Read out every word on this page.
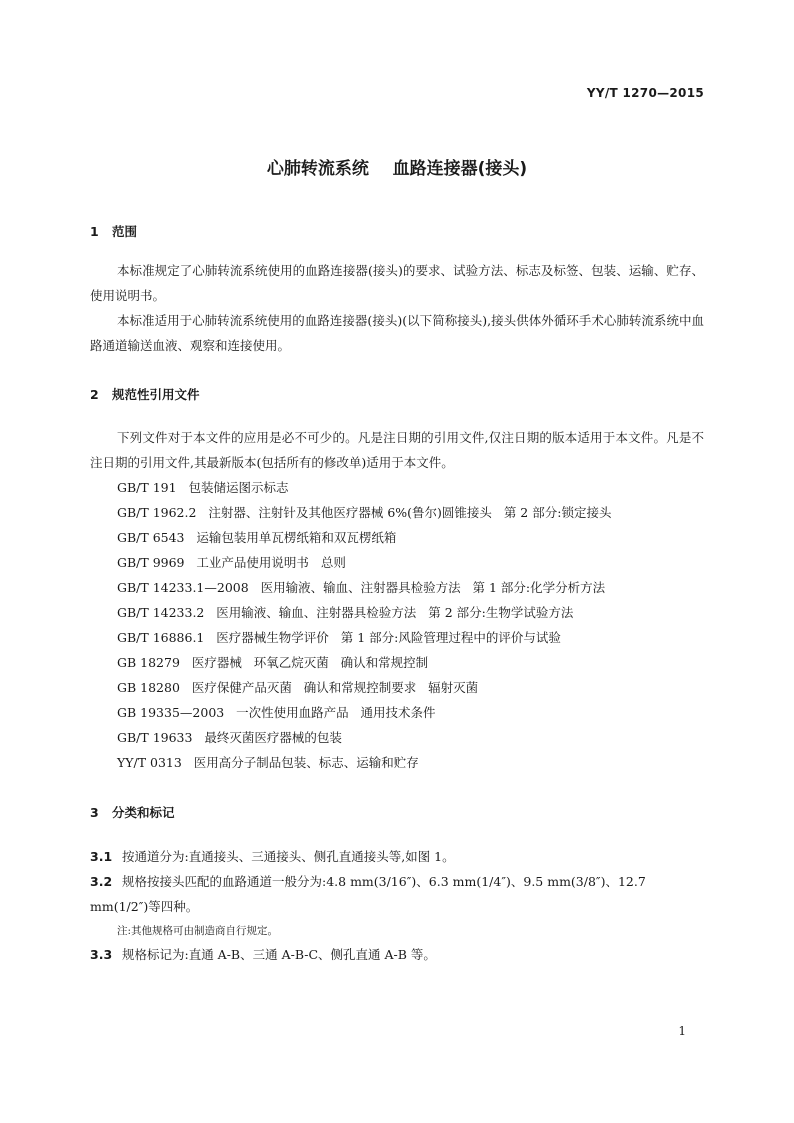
YY/T 1270—2015
心肺转流系统    血路连接器(接头)
1 范围
本标准规定了心肺转流系统使用的血路连接器(接头)的要求、试验方法、标志及标签、包装、运输、贮存、使用说明书。
本标准适用于心肺转流系统使用的血路连接器(接头)(以下简称接头),接头供体外循环手术心肺转流系统中血路通道输送血液、观察和连接使用。
2 规范性引用文件
下列文件对于本文件的应用是必不可少的。凡是注日期的引用文件,仅注日期的版本适用于本文件。凡是不注日期的引用文件,其最新版本(包括所有的修改单)适用于本文件。
GB/T 191   包装储运图示标志
GB/T 1962.2   注射器、注射针及其他医疗器械 6%(鲁尔)圆锥接头   第 2 部分:锁定接头
GB/T 6543   运输包装用单瓦楞纸箱和双瓦楞纸箱
GB/T 9969   工业产品使用说明书   总则
GB/T 14233.1—2008   医用输液、输血、注射器具检验方法   第 1 部分:化学分析方法
GB/T 14233.2   医用输液、输血、注射器具检验方法   第 2 部分:生物学试验方法
GB/T 16886.1   医疗器械生物学评价   第 1 部分:风险管理过程中的评价与试验
GB 18279   医疗器械   环氧乙烷灭菌   确认和常规控制
GB 18280   医疗保健产品灭菌   确认和常规控制要求   辐射灭菌
GB 19335—2003   一次性使用血路产品   通用技术条件
GB/T 19633   最终灭菌医疗器械的包装
YY/T 0313   医用高分子制品包装、标志、运输和贮存
3 分类和标记
3.1 按通道分为:直通接头、三通接头、侧孔直通接头等,如图 1。
3.2 规格按接头匹配的血路通道一般分为:4.8 mm(3/16″)、6.3 mm(1/4″)、9.5 mm(3/8″)、12.7 mm(1/2″)等四种。
注:其他规格可由制造商自行规定。
3.3 规格标记为:直通 A-B、三通 A-B-C、侧孔直通 A-B 等。
1
